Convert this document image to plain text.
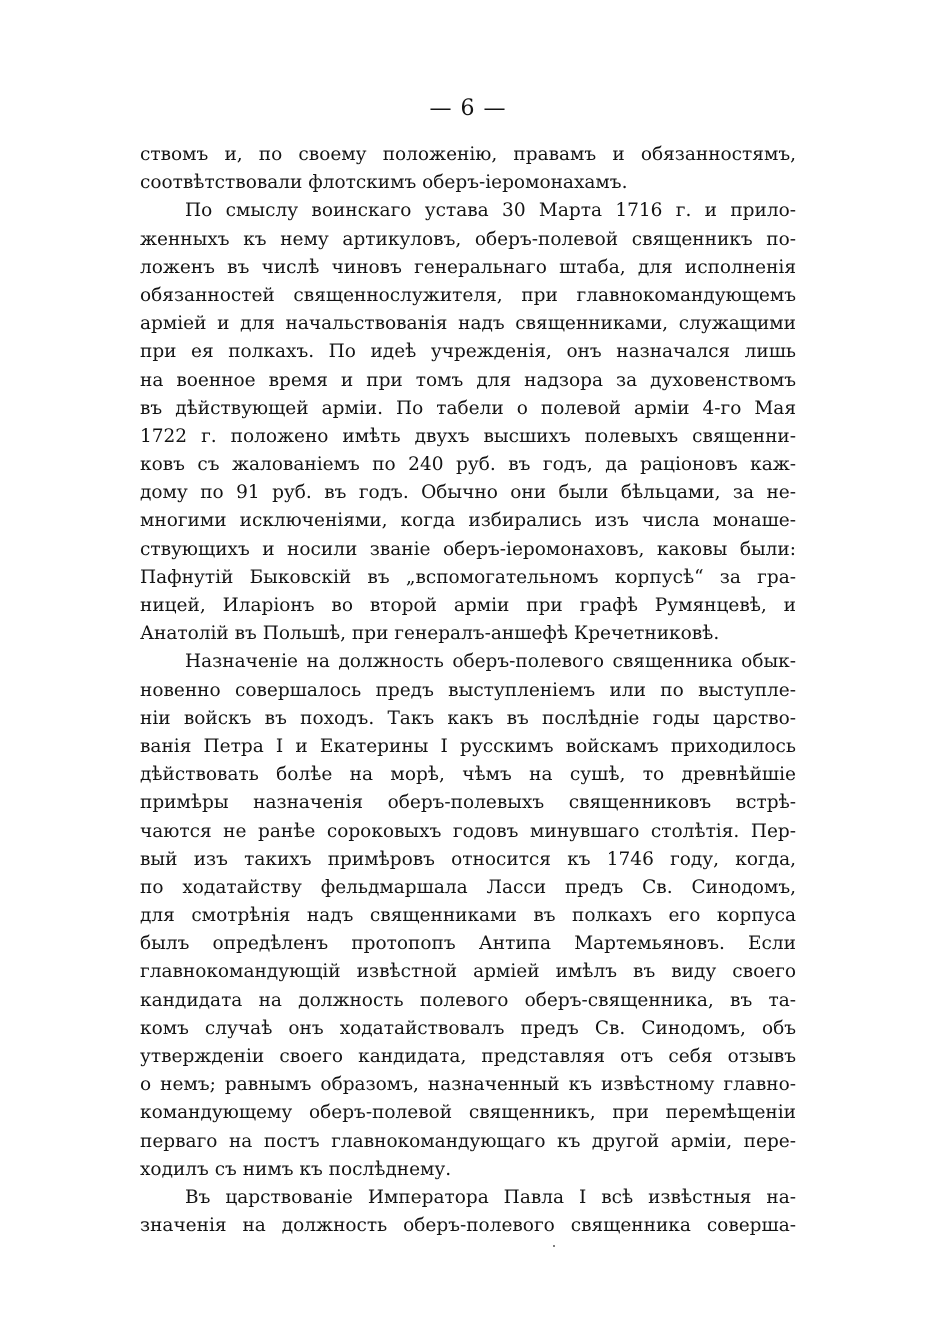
— 6 —
ствомъ и, по своему положенію, правамъ и обязанностямъ,
соотвѣтствовали флотскимъ оберъ-іеромонахамъ.
По смыслу воинскаго устава 30 Марта 1716 г. и прило-
женныхъ къ нему артикуловъ, оберъ-полевой священникъ по-
ложенъ въ числѣ чиновъ генеральнаго штаба, для исполненія
обязанностей священнослужителя, при главнокомандующемъ
арміей и для начальствованія надъ священниками, служащими
при ея полкахъ. По идеѣ учрежденія, онъ назначался лишь
на военное время и при томъ для надзора за духовенствомъ
въ дѣйствующей арміи. По табели о полевой арміи 4-го Мая
1722 г. положено имѣть двухъ высшихъ полевыхъ священни-
ковъ съ жалованіемъ по 240 руб. въ годъ, да раціоновъ каж-
дому по 91 руб. въ годъ. Обычно они были бѣльцами, за не-
многими исключеніями, когда избирались изъ числа монаше-
ствующихъ и носили званіе оберъ-іеромонаховъ, каковы были:
Пафнутій Быковскій въ „вспомогательномъ корпусѣ“ за гра-
ницей, Иларіонъ во второй арміи при графѣ Румянцевѣ, и
Анатолій въ Польшѣ, при генералъ-аншефѣ Кречетниковѣ.
Назначеніе на должность оберъ-полевого священника обык-
новенно совершалось предъ выступленіемъ или по выступле-
ніи войскъ въ походъ. Такъ какъ въ послѣдніе годы царство-
ванія Петра I и Екатерины I русскимъ войскамъ приходилось
дѣйствовать болѣе на морѣ, чѣмъ на сушѣ, то древнѣйшіе
примѣры назначенія оберъ-полевыхъ священниковъ встрѣ-
чаются не ранѣе сороковыхъ годовъ минувшаго столѣтія. Пер-
вый изъ такихъ примѣровъ относится къ 1746 году, когда,
по ходатайству фельдмаршала Ласси предъ Св. Синодомъ,
для смотрѣнія надъ священниками въ полкахъ его корпуса
былъ опредѣленъ протопопъ Антипа Мартемьяновъ. Если
главнокомандующій извѣстной арміей имѣлъ въ виду своего
кандидата на должность полевого оберъ-священника, въ та-
комъ случаѣ онъ ходатайствовалъ предъ Св. Синодомъ, объ
утвержденіи своего кандидата, представляя отъ себя отзывъ
о немъ; равнымъ образомъ, назначенный къ извѣстному главно-
командующему оберъ-полевой священникъ, при перемѣщеніи
перваго на постъ главнокомандующаго къ другой арміи, пере-
ходилъ съ нимъ къ послѣднему.
Въ царствованіе Императора Павла I всѣ извѣстныя на-
значенія на должность оберъ-полевого священника соверша-
